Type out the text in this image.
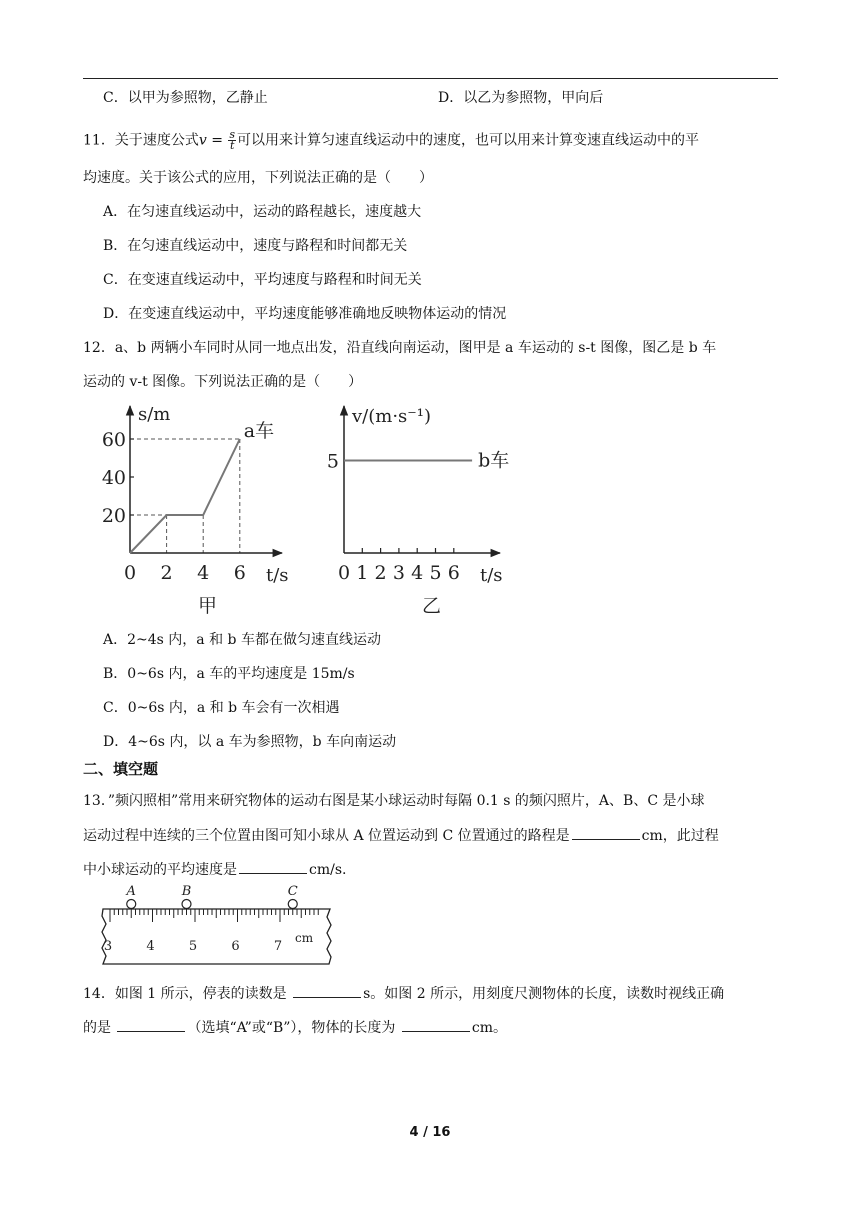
C．以甲为参照物，乙静止	D．以乙为参照物，甲向后
11．关于速度公式$v = \frac{s}{t}$ 可以用来计算匀速直线运动中的速度，也可以用来计算变速直线运动中的平
均速度。关于该公式的应用，下列说法正确的是（　　）
A．在匀速直线运动中，运动的路程越长，速度越大
B．在匀速直线运动中，速度与路程和时间都无关
C．在变速直线运动中，平均速度与路程和时间无关
D．在变速直线运动中，平均速度能够准确地反映物体运动的情况
12．a、b 两辆小车同时从同一地点出发，沿直线向南运动，图甲是 a 车运动的 s-t 图像，图乙是 b 车
运动的 v-t 图像。下列说法正确的是（　　）
0 2 4 6
20
40
60	a车
s/m
t/s
甲
0 1 2 3 4 5 6
5	b车
v/(m·s⁻¹)
t/s
乙
A．2~4s 内，a 和 b 车都在做匀速直线运动
B．0~6s 内，a 车的平均速度是 15m/s
C．0~6s 内，a 和 b 车会有一次相遇
D．4~6s 内，以 a 车为参照物，b 车向南运动
二、填空题
13．”频闪照相”常用来研究物体的运动右图是某小球运动时每隔 0.1 s 的频闪照片，A、B、C 是小球
运动过程中连续的三个位置由图可知小球从 A 位置运动到 C 位置通过的路程是	cm，此过程
中小球运动的平均速度是	cm/s.
3	4	5	6	7
cm
A	B	C
14．如图 1 所示，停表的读数是	s。如图 2 所示，用刻度尺测物体的长度，读数时视线正确
的是	（选填“A”或“B”），物体的长度为	cm。
4 / 16
